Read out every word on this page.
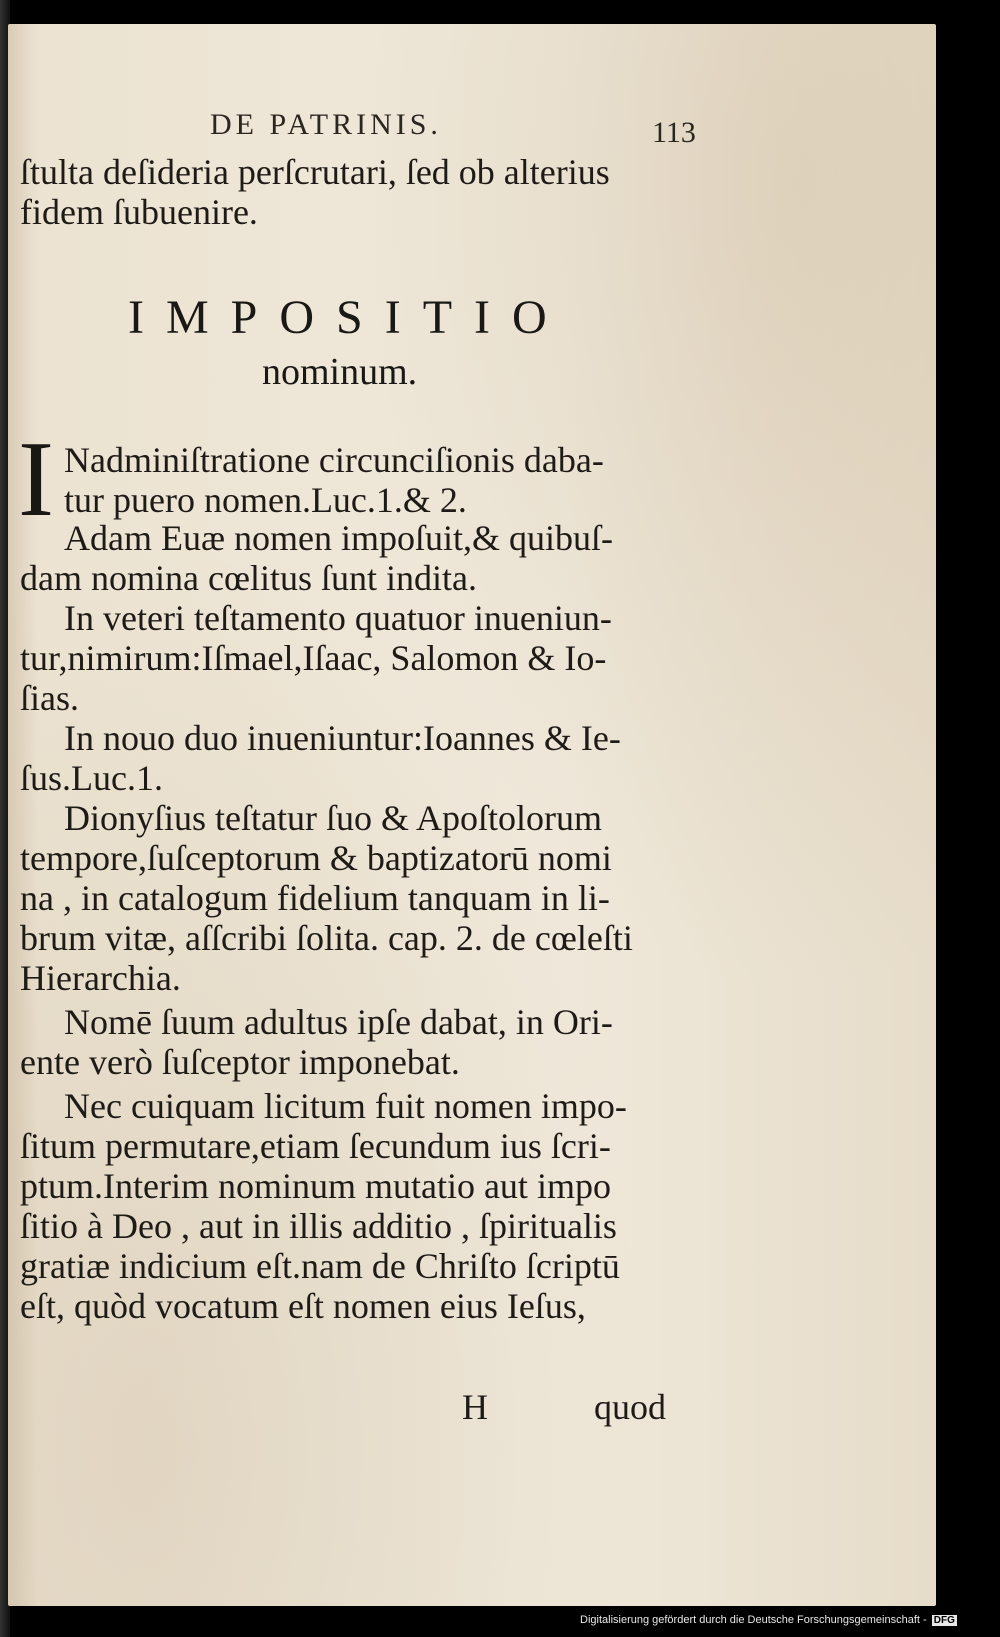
DE PATRINIS.	113
ſtulta deſideria perſcrutari, ſed ob alterius
fidem ſubuenire.
IMPOSITIO
nominum.
I Nadminiſtratione circunciſionis daba-
tur puero nomen.Luc.1.& 2.
Adam Euæ nomen impoſuit,& quibuſ-
dam nomina cœlitus ſunt indita.
In veteri teſtamento quatuor inueniun-
tur,nimirum:Iſmael,Iſaac, Salomon & Io-
ſias.
In nouo duo inueniuntur:Ioannes & Ie-
ſus.Luc.1.
Dionyſius teſtatur ſuo & Apoſtolorum
tempore,ſuſceptorum & baptizatorū nomi
na , in catalogum fidelium tanquam in li-
brum vitæ, aſſcribi ſolita. cap. 2. de cœleſti
Hierarchia.
Nomē ſuum adultus ipſe dabat, in Ori-
ente verò ſuſceptor imponebat.
Nec cuiquam licitum fuit nomen impo-
ſitum permutare,etiam ſecundum ius ſcri-
ptum.Interim nominum mutatio aut impo
ſitio à Deo , aut in illis additio , ſpiritualis
gratiæ indicium eſt.nam de Chriſto ſcriptū
eſt, quòd vocatum eſt nomen eius Ieſus,
H	quod
Digitalisierung gefördert durch die Deutsche Forschungsgemeinschaft - DFG
